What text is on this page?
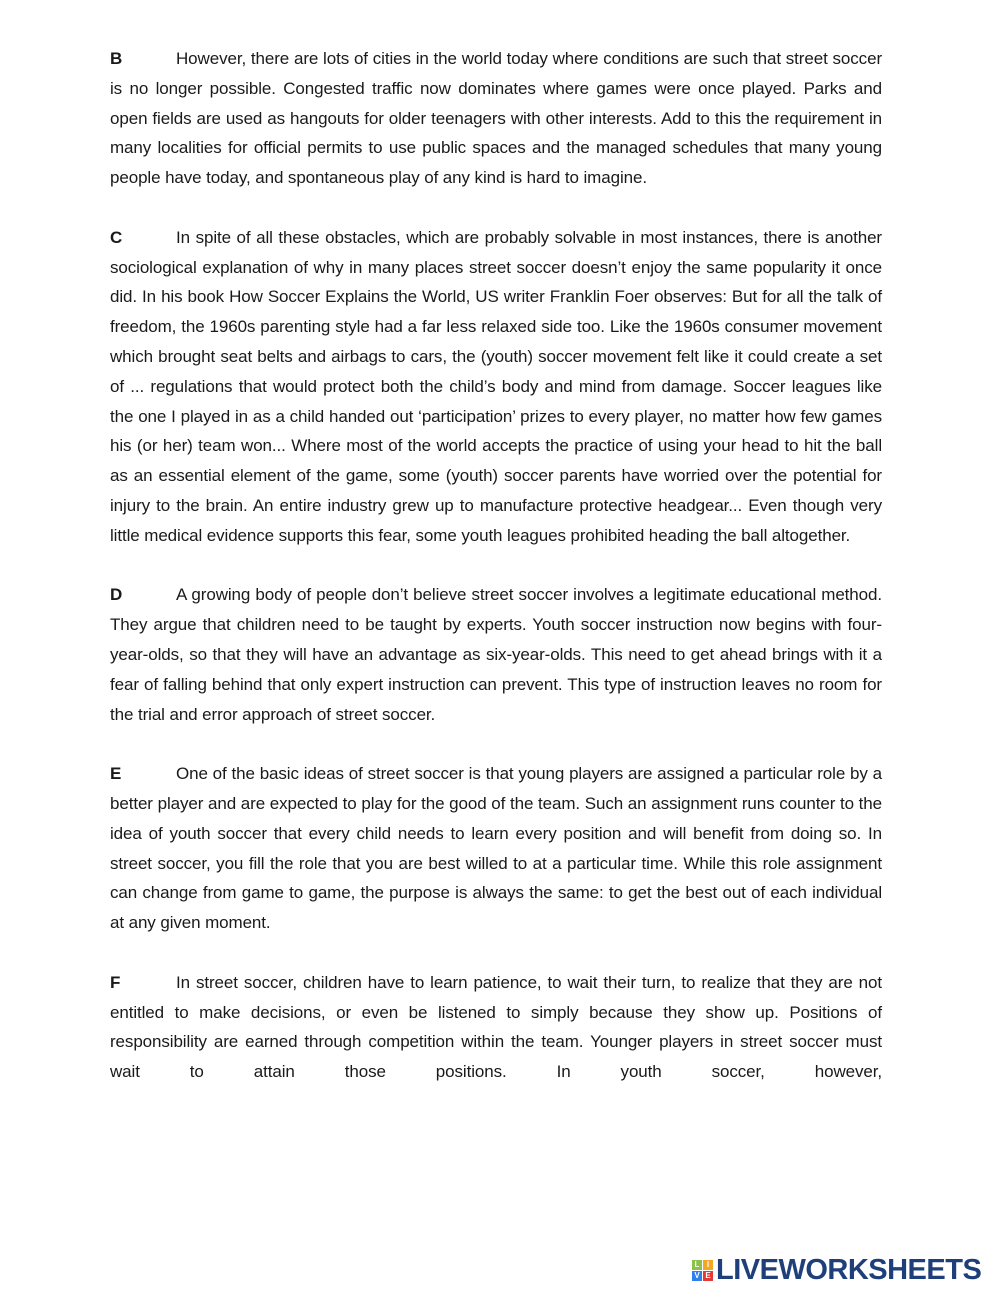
B	However, there are lots of cities in the world today where conditions are such that street soccer is no longer possible. Congested traffic now dominates where games were once played. Parks and open fields are used as hangouts for older teenagers with other interests. Add to this the requirement in many localities for official permits to use public spaces and the managed schedules that many young people have today, and spontaneous play of any kind is hard to imagine.

C	In spite of all these obstacles, which are probably solvable in most instances, there is another sociological explanation of why in many places street soccer doesn’t enjoy the same popularity it once did. In his book How Soccer Explains the World, US writer Franklin Foer observes: But for all the talk of freedom, the 1960s parenting style had a far less relaxed side too. Like the 1960s consumer movement which brought seat belts and airbags to cars, the (youth) soccer movement felt like it could create a set of ... regulations that would protect both the child’s body and mind from damage. Soccer leagues like the one I played in as a child handed out ‘participation’ prizes to every player, no matter how few games his (or her) team won... Where most of the world accepts the practice of using your head to hit the ball as an essential element of the game, some (youth) soccer parents have worried over the potential for injury to the brain. An entire industry grew up to manufacture protective headgear... Even though very little medical evidence supports this fear, some youth leagues prohibited heading the ball altogether.

D	A growing body of people don’t believe street soccer involves a legitimate educational method. They argue that children need to be taught by experts. Youth soccer instruction now begins with four-year-olds, so that they will have an advantage as six-year-olds. This need to get ahead brings with it a fear of falling behind that only expert instruction can prevent. This type of instruction leaves no room for the trial and error approach of street soccer.

E	One of the basic ideas of street soccer is that young players are assigned a particular role by a better player and are expected to play for the good of the team. Such an assignment runs counter to the idea of youth soccer that every child needs to learn every position and will benefit from doing so. In street soccer, you fill the role that you are best willed to at a particular time. While this role assignment can change from game to game, the purpose is always the same: to get the best out of each individual at any given moment.

F	In street soccer, children have to learn patience, to wait their turn, to realize that they are not entitled to make decisions, or even be listened to simply because they show up. Positions of responsibility are earned through competition within the team. Younger players in street soccer must wait to attain those positions. In youth soccer, however,

L I
V E LIVEWORKSHEETS
